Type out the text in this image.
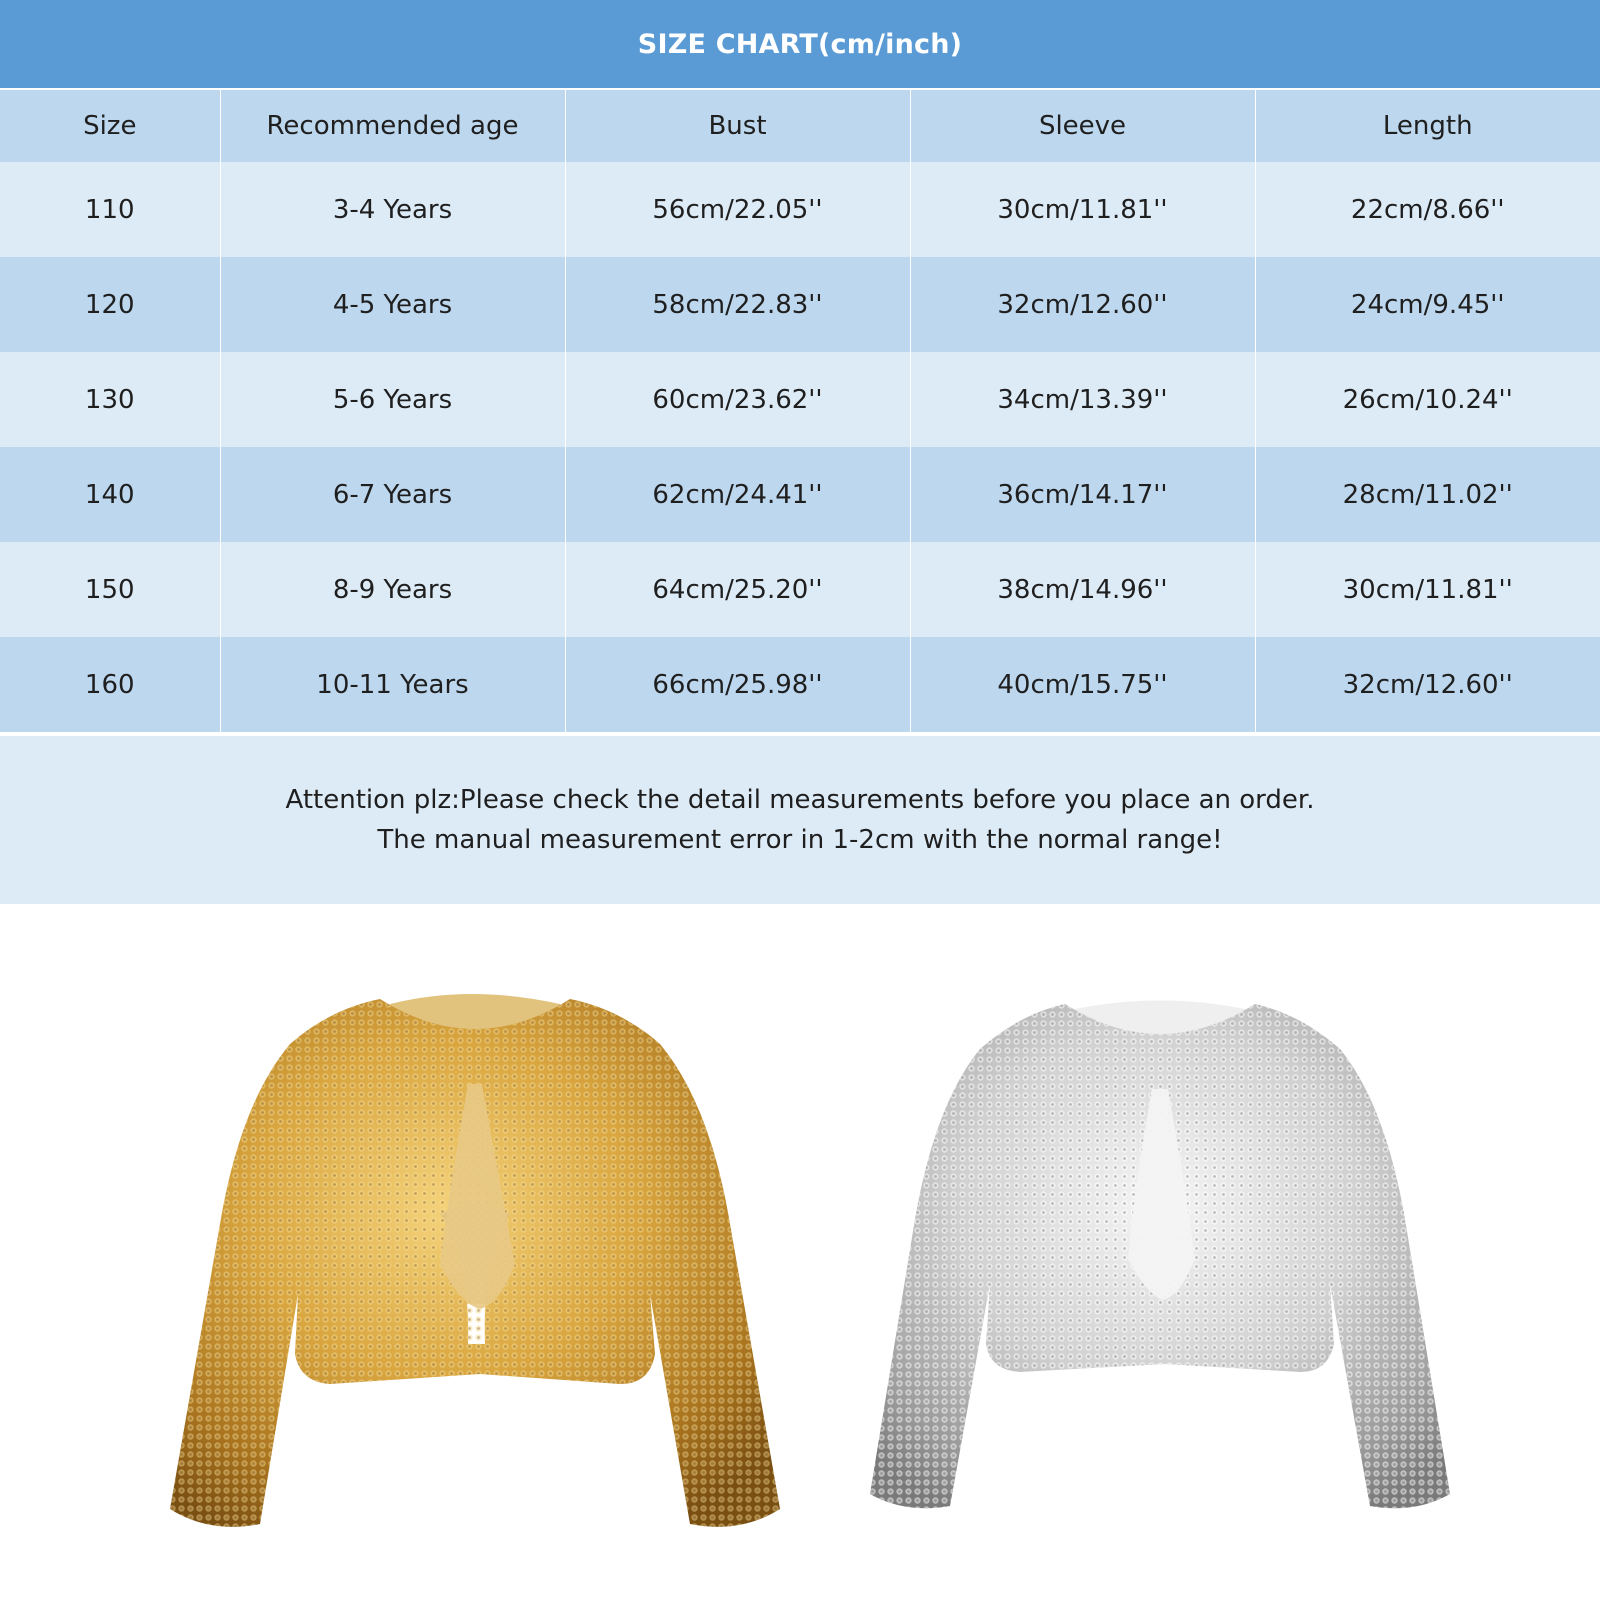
SIZE CHART(cm/inch)
Size	Recommended age	Bust	Sleeve	Length
110	3-4 Years	56cm/22.05''	30cm/11.81''	22cm/8.66''
120	4-5 Years	58cm/22.83''	32cm/12.60''	24cm/9.45''
130	5-6 Years	60cm/23.62''	34cm/13.39''	26cm/10.24''
140	6-7 Years	62cm/24.41''	36cm/14.17''	28cm/11.02''
150	8-9 Years	64cm/25.20''	38cm/14.96''	30cm/11.81''
160	10-11 Years	66cm/25.98''	40cm/15.75''	32cm/12.60''
Attention plz:Please check the detail measurements before you place an order.
The manual measurement error in 1-2cm with the normal range!
